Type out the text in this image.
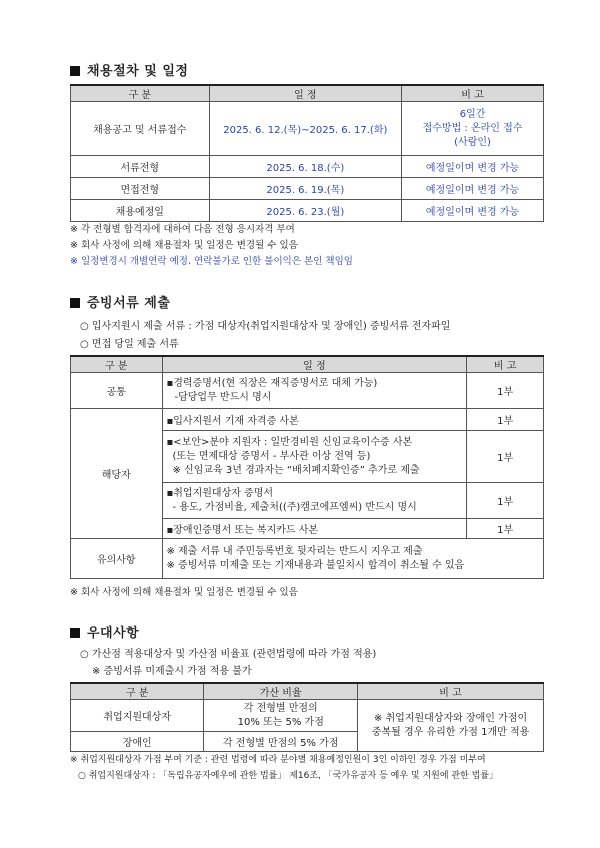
채용절차 및 일정
구 분	일 정	비 고
채용공고 및 서류접수	2025. 6. 12.(목)~2025. 6. 17.(화)	6일간
접수방법 : 온라인 접수
(사람인)

서류전형	2025. 6. 18.(수)	예정일이며 변경 가능
면접전형	2025. 6. 19.(목)	예정일이며 변경 가능
채용예정일	2025. 6. 23.(월)	예정일이며 변경 가능
※ 각 전형별 합격자에 대하여 다음 전형 응시자격 부여
※ 회사 사정에 의해 채용절차 및 일정은 변경될 수 있음
※ 일정변경시 개별연락 예정. 연락불가로 인한 불이익은 본인 책임임
증빙서류 제출
○ 입사지원시 제출 서류 : 가점 대상자(취업지원대상자 및 장애인) 증빙서류 전자파일
○ 면접 당일 제출 서류
구 분	일 정	비 고
공통	▪경력증명서(현 직장은 재직증명서로 대체 가능)
-담당업무 반드시 명시	1부
해당자	▪입사지원서 기재 자격증 사본	1부

	▪<보안>분야 지원자 : 일반경비원 신임교육이수증 사본
(또는 면제대상 증명서 - 부사관 이상 전역 등)
※ 신임교육 3년 경과자는 “배치폐지확인증” 추가로 제출	1부

	▪취업지원대상자 증명서
- 용도, 가점비율, 제출처((주)캠코에프엠씨) 반드시 명시	1부
	▪장애인증명서 또는 복지카드 사본	1부
유의사항	※ 제출 서류 내 주민등록번호 뒷자리는 반드시 지우고 제출
※ 증빙서류 미제출 또는 기재내용과 불일치시 합격이 취소될 수 있음	
※ 회사 사정에 의해 채용절차 및 일정은 변경될 수 있음
우대사항
○ 가산점 적용대상자 및 가산점 비율표 (관련법령에 따라 가점 적용)
※ 증빙서류 미제출시 가점 적용 불가
구 분	가산 비율	비 고
취업지원대상자	각 전형별 만점의
10% 또는 5% 가점	※ 취업지원대상자와 장애인 가점이
중복될 경우 유리한 가점 1개만 적용

장애인	각 전형별 만점의 5% 가점	
※ 취업지원대상자 가점 부여 기준 : 관련 법령에 따라 분야별 채용예정인원이 3인 이하인 경우 가점 미부여
○ 취업지원대상자 : 「독립유공자예우에 관한 법률」 제16조, 「국가유공자 등 예우 및 지원에 관한 법률」
